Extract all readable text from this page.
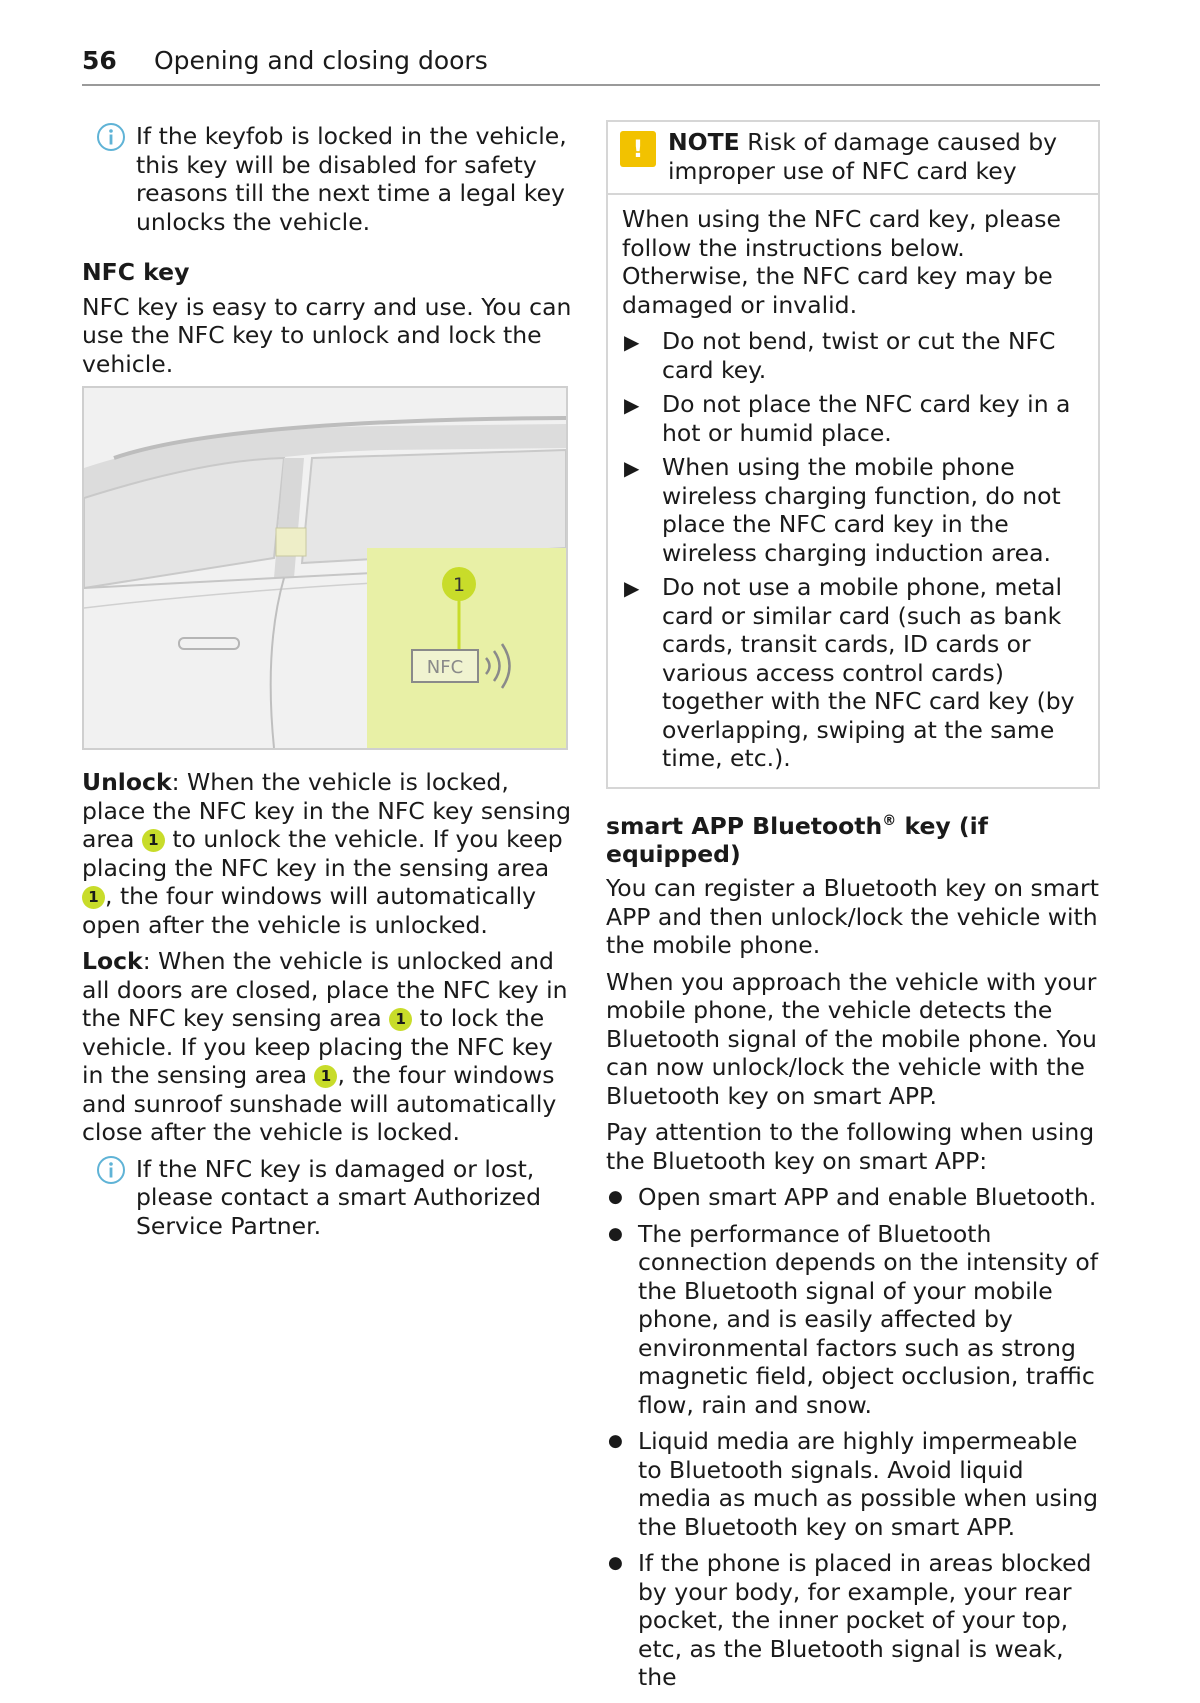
56 Opening and closing doors
If the keyfob is locked in the vehicle, this key will be disabled for safety reasons till the next time a legal key unlocks the vehicle.
NFC key

NFC key is easy to carry and use. You can use the NFC key to unlock and lock the vehicle.

1
NFC

Unlock: When the vehicle is locked, place the NFC key in the NFC key sensing area 1 to unlock the vehicle. If you keep placing the NFC key in the sensing area 1 , the four windows will automatically open after the vehicle is unlocked.

Lock: When the vehicle is unlocked and all doors are closed, place the NFC key in the NFC key sensing area 1 to lock the vehicle. If you keep placing the NFC key in the sensing area 1 , the four windows and sunroof sunshade will automatically close after the vehicle is locked.

If the NFC key is damaged or lost, please contact a smart Authorized Service Partner.
!	NOTE Risk of damage caused by improper use of NFC card key

When using the NFC card key, please follow the instructions below. Otherwise, the NFC card key may be damaged or invalid.

▶ Do not bend, twist or cut the NFC card key.
▶ Do not place the NFC card key in a hot or humid place.
▶ When using the mobile phone wireless charging function, do not place the NFC card key in the wireless charging induction area.
▶ Do not use a mobile phone, metal card or similar card (such as bank cards, transit cards, ID cards or various access control cards) together with the NFC card key (by overlapping, swiping at the same time, etc.).
smart APP Bluetooth® key (if equipped)

You can register a Bluetooth key on smart APP and then unlock/lock the vehicle with the mobile phone.

When you approach the vehicle with your mobile phone, the vehicle detects the Bluetooth signal of the mobile phone. You can now unlock/lock the vehicle with the Bluetooth key on smart APP.

Pay attention to the following when using the Bluetooth key on smart APP:

● Open smart APP and enable Bluetooth.
● The performance of Bluetooth connection depends on the intensity of the Bluetooth signal of your mobile phone, and is easily affected by environmental factors such as strong magnetic field, object occlusion, traffic flow, rain and snow.
● Liquid media are highly impermeable to Bluetooth signals. Avoid liquid media as much as possible when using the Bluetooth key on smart APP.
● If the phone is placed in areas blocked by your body, for example, your rear pocket, the inner pocket of your top, etc, as the Bluetooth signal is weak, the
